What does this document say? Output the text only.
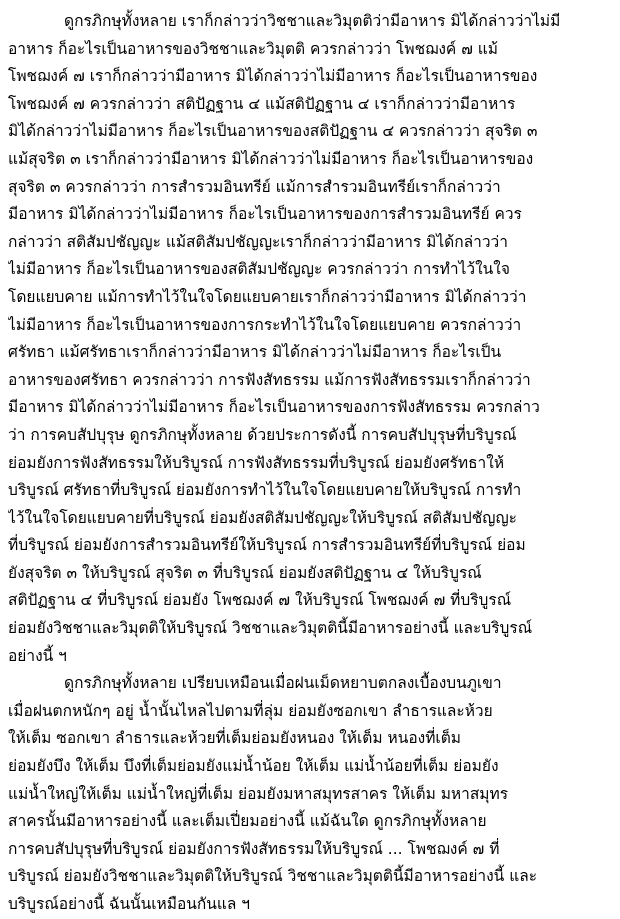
ดูกรภิกษุทั้งหลาย เราก็กล่าวว่าวิชชาและวิมุตติว่ามีอาหาร มิได้กล่าวว่าไม่มี
อาหาร ก็อะไรเป็นอาหารของวิชชาและวิมุตติ ควรกล่าวว่า โพชฌงค์ ๗ แม้
โพชฌงค์ ๗ เราก็กล่าวว่ามีอาหาร มิได้กล่าวว่าไม่มีอาหาร ก็อะไรเป็นอาหารของ
โพชฌงค์ ๗ ควรกล่าวว่า สติปัฏฐาน ๔ แม้สติปัฏฐาน ๔ เราก็กล่าวว่ามีอาหาร
มิได้กล่าวว่าไม่มีอาหาร ก็อะไรเป็นอาหารของสติปัฏฐาน ๔ ควรกล่าวว่า สุจริต ๓
แม้สุจริต ๓ เราก็กล่าวว่ามีอาหาร มิได้กล่าวว่าไม่มีอาหาร ก็อะไรเป็นอาหารของ
สุจริต ๓ ควรกล่าวว่า การสำรวมอินทรีย์ แม้การสำรวมอินทรีย์เราก็กล่าวว่า
มีอาหาร มิได้กล่าวว่าไม่มีอาหาร ก็อะไรเป็นอาหารของการสำรวมอินทรีย์ ควร
กล่าวว่า สติสัมปชัญญะ แม้สติสัมปชัญญะเราก็กล่าวว่ามีอาหาร มิได้กล่าวว่า
ไม่มีอาหาร ก็อะไรเป็นอาหารของสติสัมปชัญญะ ควรกล่าวว่า การทำไว้ในใจ
โดยแยบคาย แม้การทำไว้ในใจโดยแยบคายเราก็กล่าวว่ามีอาหาร มิได้กล่าวว่า
ไม่มีอาหาร ก็อะไรเป็นอาหารของการกระทำไว้ในใจโดยแยบคาย ควรกล่าวว่า
ศรัทธา แม้ศรัทธาเราก็กล่าวว่ามีอาหาร มิได้กล่าวว่าไม่มีอาหาร ก็อะไรเป็น
อาหารของศรัทธา ควรกล่าวว่า การฟังสัทธรรม แม้การฟังสัทธรรมเราก็กล่าวว่า
มีอาหาร มิได้กล่าวว่าไม่มีอาหาร ก็อะไรเป็นอาหารของการฟังสัทธรรม ควรกล่าว
ว่า การคบสัปบุรุษ ดูกรภิกษุทั้งหลาย ด้วยประการดังนี้ การคบสัปบุรุษที่บริบูรณ์
ย่อมยังการฟังสัทธรรมให้บริบูรณ์ การฟังสัทธรรมที่บริบูรณ์ ย่อมยังศรัทธาให้
บริบูรณ์ ศรัทธาที่บริบูรณ์ ย่อมยังการทำไว้ในใจโดยแยบคายให้บริบูรณ์ การทำ
ไว้ในใจโดยแยบคายที่บริบูรณ์ ย่อมยังสติสัมปชัญญะให้บริบูรณ์ สติสัมปชัญญะ
ที่บริบูรณ์ ย่อมยังการสำรวมอินทรีย์ให้บริบูรณ์ การสำรวมอินทรีย์ที่บริบูรณ์ ย่อม
ยังสุจริต ๓ ให้บริบูรณ์ สุจริต ๓ ที่บริบูรณ์ ย่อมยังสติปัฏฐาน ๔ ให้บริบูรณ์
สติปัฏฐาน ๔ ที่บริบูรณ์ ย่อมยัง โพชฌงค์ ๗ ให้บริบูรณ์ โพชฌงค์ ๗ ที่บริบูรณ์
ย่อมยังวิชชาและวิมุตติให้บริบูรณ์ วิชชาและวิมุตตินี้มีอาหารอย่างนี้ และบริบูรณ์
อย่างนี้ ฯ
ดูกรภิกษุทั้งหลาย เปรียบเหมือนเมื่อฝนเม็ดหยาบตกลงเบื้องบนภูเขา
เมื่อฝนตกหนักๆ อยู่ น้ำนั้นไหลไปตามที่ลุ่ม ย่อมยังซอกเขา ลำธารและห้วย
ให้เต็ม ซอกเขา ลำธารและห้วยที่เต็มย่อมยังหนอง ให้เต็ม หนองที่เต็ม
ย่อมยังบึง ให้เต็ม บึงที่เต็มย่อมยังแม่น้ำน้อย ให้เต็ม แม่น้ำน้อยที่เต็ม ย่อมยัง
แม่น้ำใหญ่ให้เต็ม แม่น้ำใหญ่ที่เต็ม ย่อมยังมหาสมุทรสาคร ให้เต็ม มหาสมุทร
สาครนั้นมีอาหารอย่างนี้ และเต็มเปี่ยมอย่างนี้ แม้ฉันใด ดูกรภิกษุทั้งหลาย
การคบสัปบุรุษที่บริบูรณ์ ย่อมยังการฟังสัทธรรมให้บริบูรณ์ ... โพชฌงค์ ๗ ที่
บริบูรณ์ ย่อมยังวิชชาและวิมุตติให้บริบูรณ์ วิชชาและวิมุตตินี้มีอาหารอย่างนี้ และ
บริบูรณ์อย่างนี้ ฉันนั้นเหมือนกันแล ฯ
